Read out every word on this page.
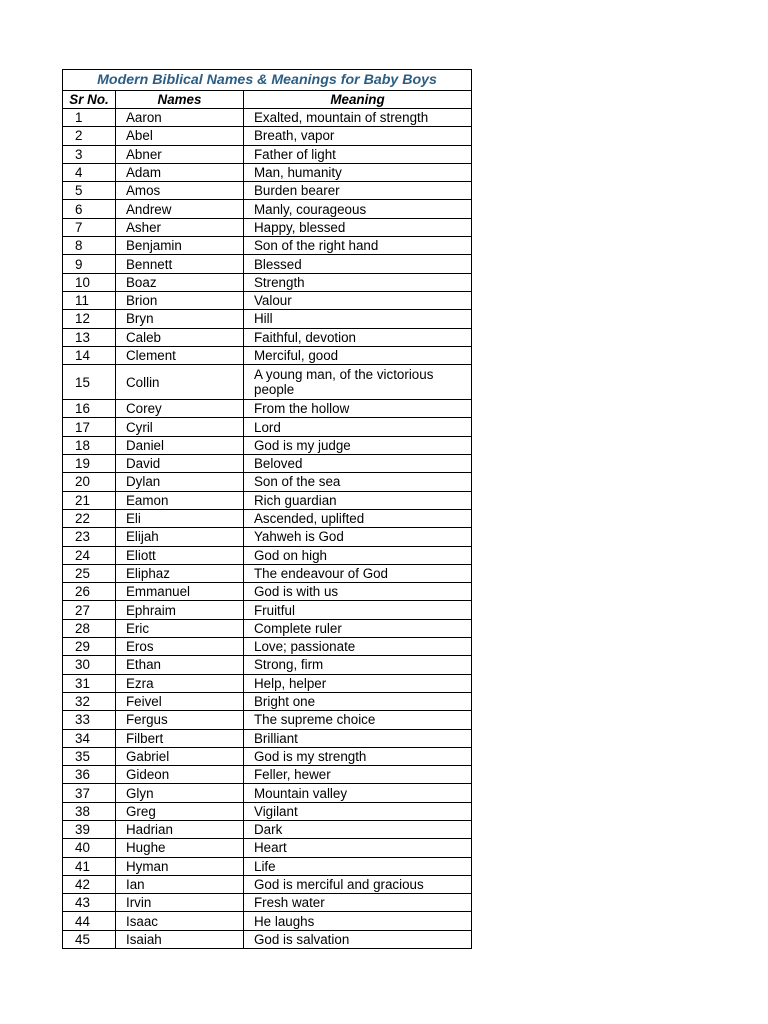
Modern Biblical Names & Meanings for Baby Boys		
Sr No.	Names	Meaning
1	Aaron	Exalted, mountain of strength
2	Abel	Breath, vapor
3	Abner	Father of light
4	Adam	Man, humanity
5	Amos	Burden bearer
6	Andrew	Manly, courageous
7	Asher	Happy, blessed
8	Benjamin	Son of the right hand
9	Bennett	Blessed
10	Boaz	Strength
11	Brion	Valour
12	Bryn	Hill
13	Caleb	Faithful, devotion
14	Clement	Merciful, good
15	Collin	A young man, of the victorious people
16	Corey	From the hollow
17	Cyril	Lord
18	Daniel	God is my judge
19	David	Beloved
20	Dylan	Son of the sea
21	Eamon	Rich guardian
22	Eli	Ascended, uplifted
23	Elijah	Yahweh is God
24	Eliott	God on high
25	Eliphaz	The endeavour of God
26	Emmanuel	God is with us
27	Ephraim	Fruitful
28	Eric	Complete ruler
29	Eros	Love; passionate
30	Ethan	Strong, firm
31	Ezra	Help, helper
32	Feivel	Bright one
33	Fergus	The supreme choice
34	Filbert	Brilliant
35	Gabriel	God is my strength
36	Gideon	Feller, hewer
37	Glyn	Mountain valley
38	Greg	Vigilant
39	Hadrian	Dark
40	Hughe	Heart
41	Hyman	Life
42	Ian	God is merciful and gracious
43	Irvin	Fresh water
44	Isaac	He laughs
45	Isaiah	God is salvation
